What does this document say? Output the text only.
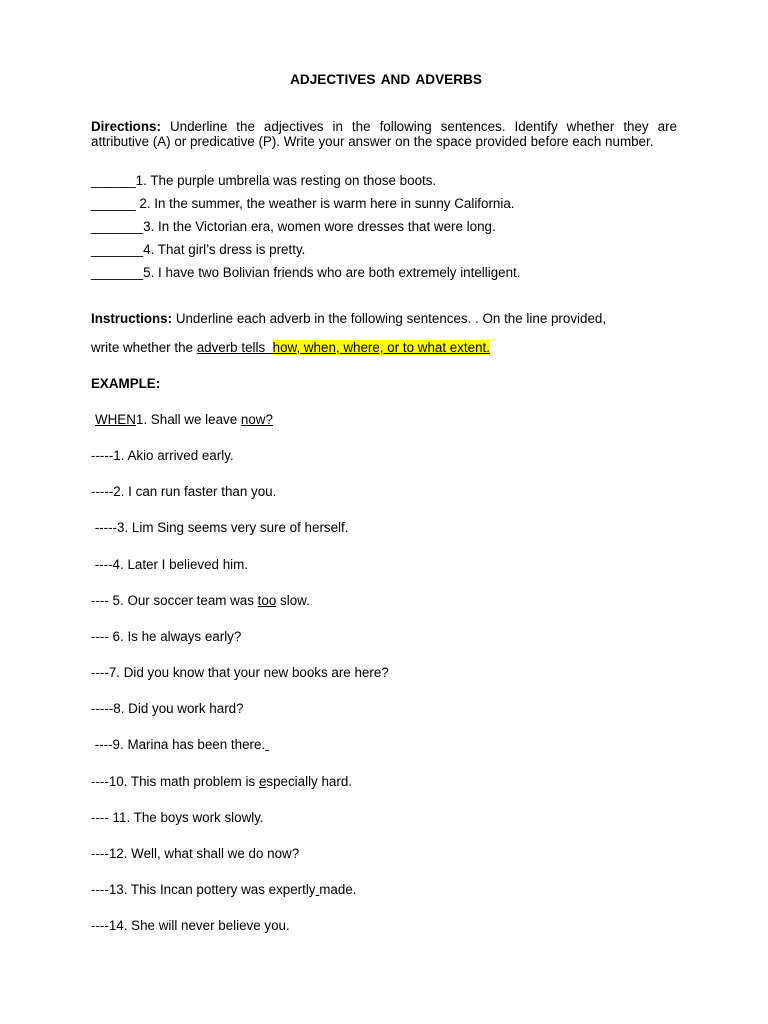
ADJECTIVES AND ADVERBS
Directions: Underline the adjectives in the following sentences. Identify whether they are attributive (A) or predicative (P). Write your answer on the space provided before each number.
______1. The purple umbrella was resting on those boots.
______ 2. In the summer, the weather is warm here in sunny California.
_______3. In the Victorian era, women wore dresses that were long.
_______4. That girl’s dress is pretty.
_______5. I have two Bolivian friends who are both extremely intelligent.
Instructions: Underline each adverb in the following sentences. . On the line provided,
write whether the adverb tells how, when, where, or to what extent.
EXAMPLE:
WHEN1. Shall we leave now?
-----1. Akio arrived early.
-----2. I can run faster than you.
-----3. Lim Sing seems very sure of herself.
----4. Later I believed him.
---- 5. Our soccer team was too slow.
---- 6. Is he always early?
----7. Did you know that your new books are here?
-----8. Did you work hard?
----9. Marina has been there.
----10. This math problem is especially hard.
---- 11. The boys work slowly.
----12. Well, what shall we do now?
----13. This Incan pottery was expertly made.
----14. She will never believe you.
